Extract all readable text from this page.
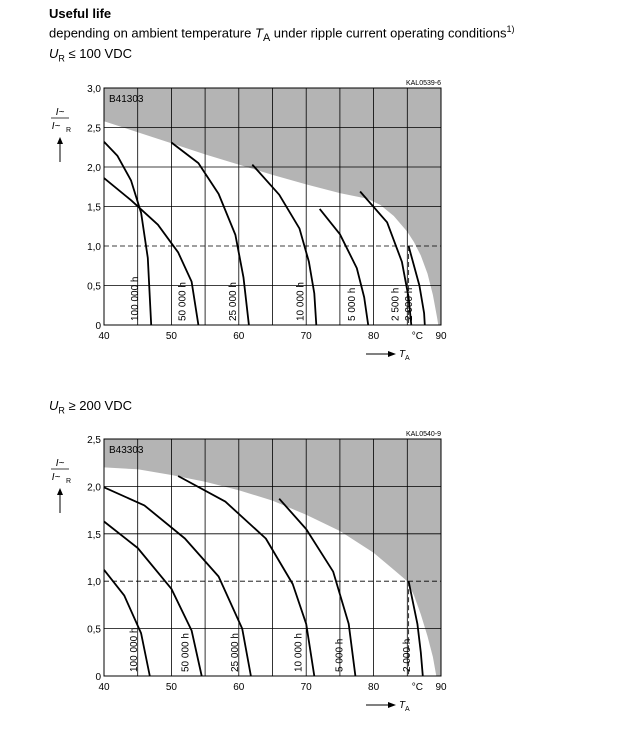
Useful life
depending on ambient temperature $T_A$ under ripple current operating conditions$^{1)}$
$U_R \le 100$ VDC
$U_R \ge 200$ VDC
KAL0539-6
B41303
100 000 h	50 000 h	25 000 h	10 000 h	5 000 h	2 500 h 2 000 h
0
0,5
1,0
1,5
2,0
2,5
3,0
40	50	60	70	80	°C 90
T A
I~
I~ R
KAL0540-9
B43303
100 000 h	50 000 h	25 000 h	10 000 h	5 000 h	2 000 h
0
0,5
1,0
1,5
2,0
2,5
40	50	60	70	80	°C 90
T A
I~
I~ R
